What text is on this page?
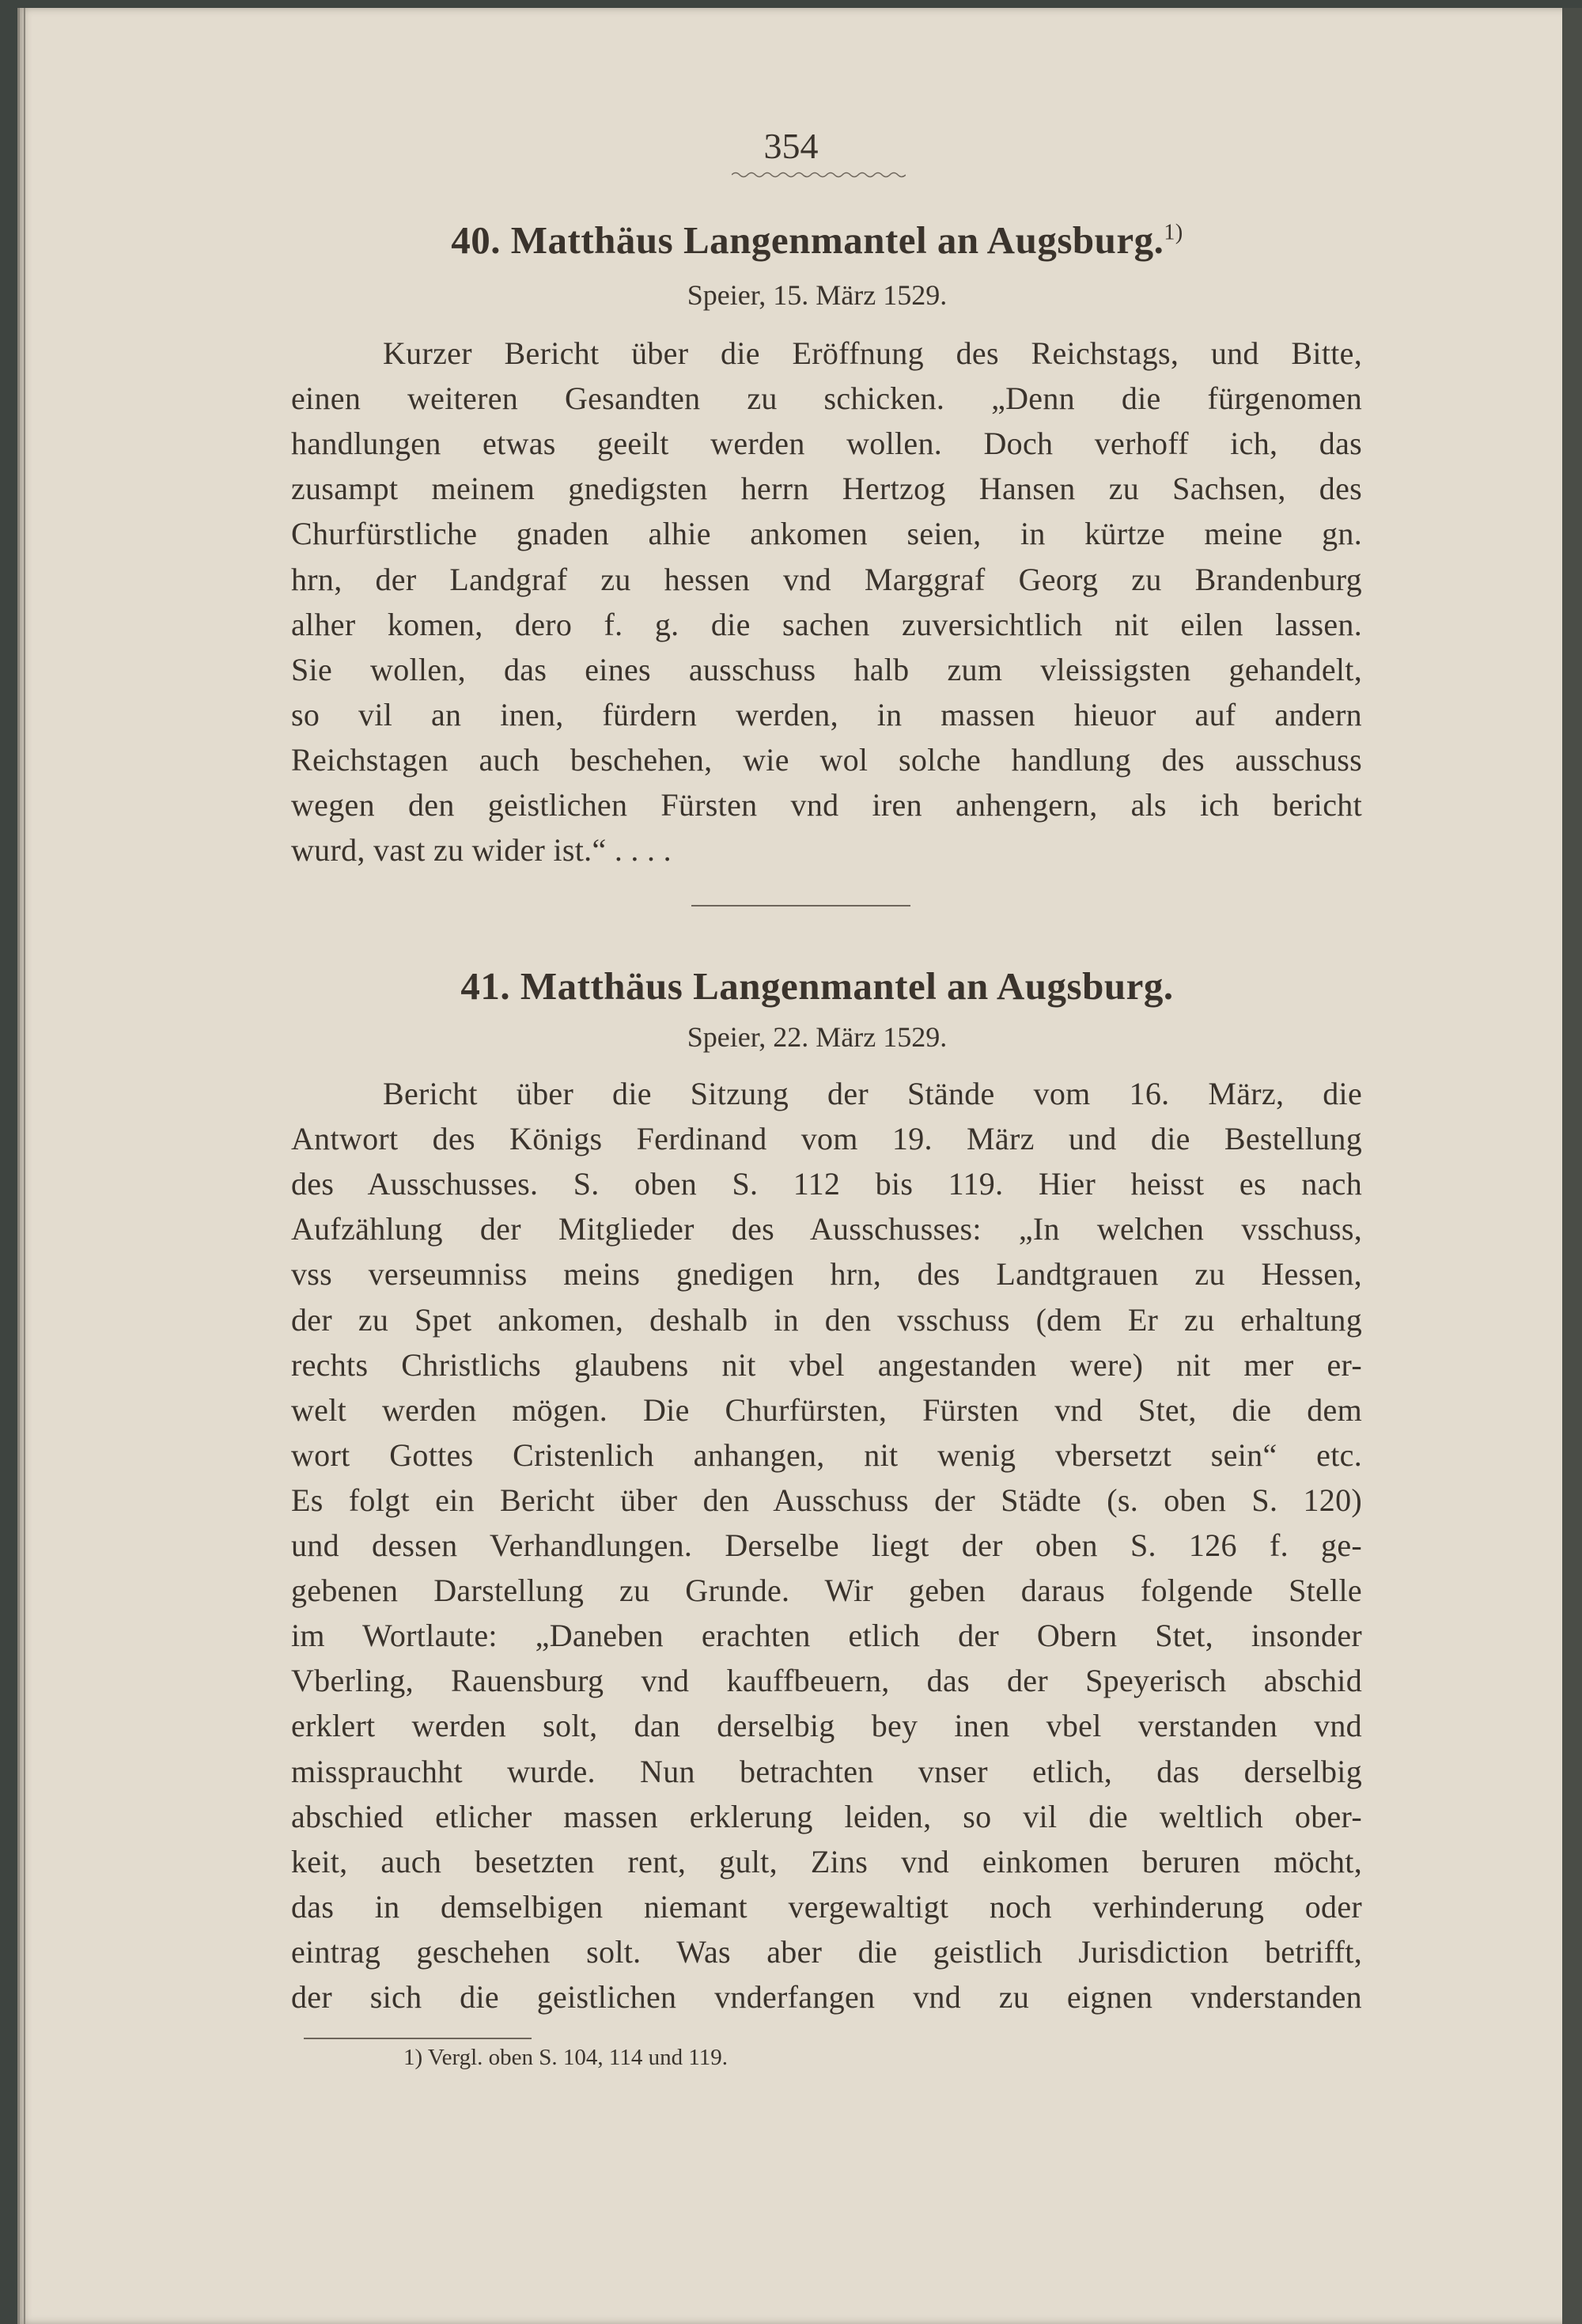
354
40. Matthäus Langenmantel an Augsburg.$^{1)}$
Speier, 15. März 1529.
Kurzer Bericht über die Eröffnung des Reichstags, und Bitte,
einen weiteren Gesandten zu schicken. „Denn die fürgenomen
handlungen etwas geeilt werden wollen. Doch verhoff ich, das
zusampt meinem gnedigsten herrn Hertzog Hansen zu Sachsen, des
Churfürstliche gnaden alhie ankomen seien, in kürtze meine gn.
hrn, der Landgraf zu hessen vnd Marggraf Georg zu Brandenburg
alher komen, dero f. g. die sachen zuversichtlich nit eilen lassen.
Sie wollen, das eines ausschuss halb zum vleissigsten gehandelt,
so vil an inen, fürdern werden, in massen hieuor auf andern
Reichstagen auch beschehen, wie wol solche handlung des ausschuss
wegen den geistlichen Fürsten vnd iren anhengern, als ich bericht
wurd, vast zu wider ist.“ . . . .
41. Matthäus Langenmantel an Augsburg.
Speier, 22. März 1529.
Bericht über die Sitzung der Stände vom 16. März, die
Antwort des Königs Ferdinand vom 19. März und die Bestellung
des Ausschusses. S. oben S. 112 bis 119. Hier heisst es nach
Aufzählung der Mitglieder des Ausschusses: „In welchen vsschuss,
vss verseumniss meins gnedigen hrn, des Landtgrauen zu Hessen,
der zu Spet ankomen, deshalb in den vsschuss (dem Er zu erhaltung
rechts Christlichs glaubens nit vbel angestanden were) nit mer er-
welt werden mögen. Die Churfürsten, Fürsten vnd Stet, die dem
wort Gottes Cristenlich anhangen, nit wenig vbersetzt sein“ etc.
Es folgt ein Bericht über den Ausschuss der Städte (s. oben S. 120)
und dessen Verhandlungen. Derselbe liegt der oben S. 126 f. ge-
gebenen Darstellung zu Grunde. Wir geben daraus folgende Stelle
im Wortlaute: „Daneben erachten etlich der Obern Stet, insonder
Vberling, Rauensburg vnd kauffbeuern, das der Speyerisch abschid
erklert werden solt, dan derselbig bey inen vbel verstanden vnd
missprauchht wurde. Nun betrachten vnser etlich, das derselbig
abschied etlicher massen erklerung leiden, so vil die weltlich ober-
keit, auch besetzten rent, gult, Zins vnd einkomen beruren möcht,
das in demselbigen niemant vergewaltigt noch verhinderung oder
eintrag geschehen solt. Was aber die geistlich Jurisdiction betrifft,
der sich die geistlichen vnderfangen vnd zu eignen vnderstanden
1) Vergl. oben S. 104, 114 und 119.
